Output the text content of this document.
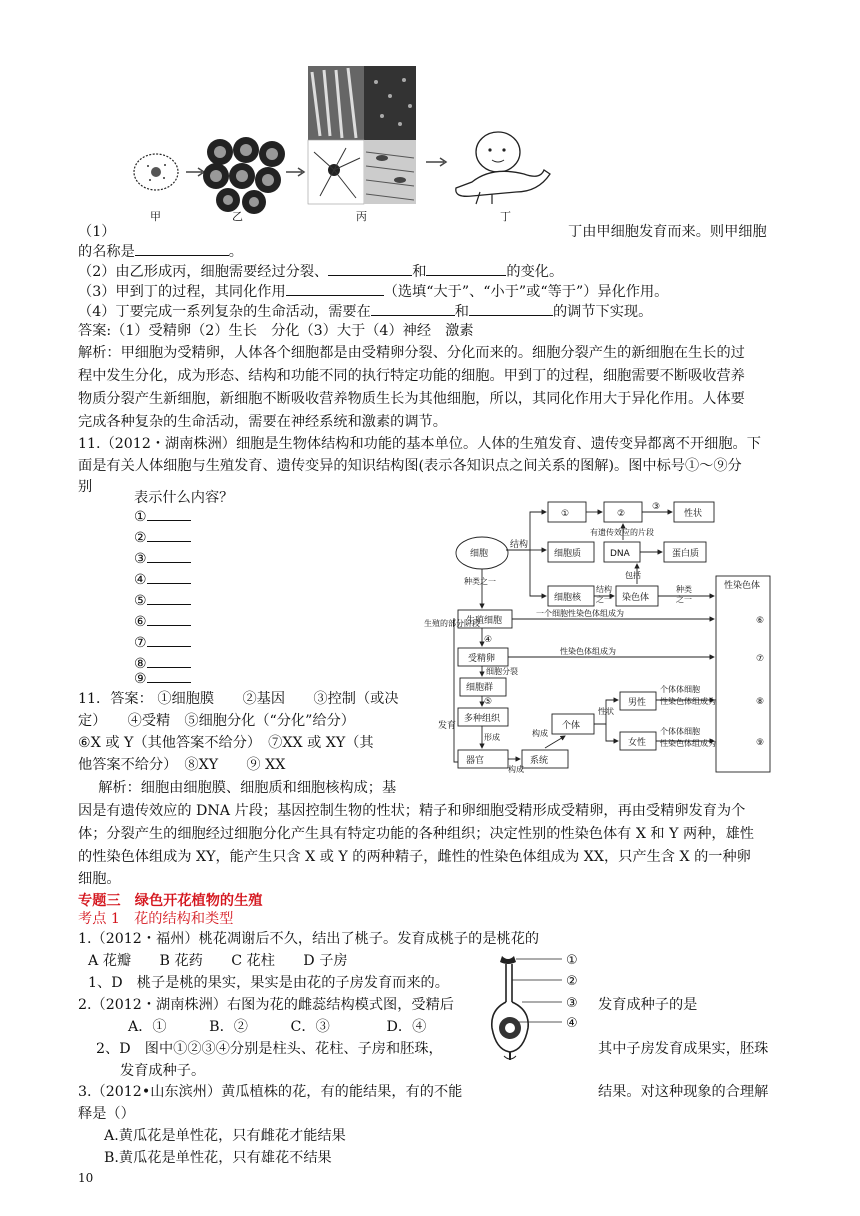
甲	乙	丙	丁
（1）	丁由甲细胞发育而来。则甲细胞
的名称是	。
（2）由乙形成丙，细胞需要经过分裂、	和	的变化。
（3）甲到丁的过程，其同化作用	（选填“大于”、“小于”或“等于”）异化作用。
（4）丁要完成一系列复杂的生命活动，需要在	和	的调节下实现。
答案:（1）受精卵（2）生长　分化（3）大于（4）神经　激素
解析：甲细胞为受精卵，人体各个细胞都是由受精卵分裂、分化而来的。细胞分裂产生的新细胞在生长的过
程中发生分化，成为形态、结构和功能不同的执行特定功能的细胞。甲到丁的过程，细胞需要不断吸收营养
物质分裂产生新细胞，新细胞不断吸收营养物质生长为其他细胞，所以，其同化作用大于异化作用。人体要
完成各种复杂的生命活动，需要在神经系统和激素的调节。
11.（2012・湖南株洲）细胞是生物体结构和功能的基本单位。人体的生殖发育、遗传变异都离不开细胞。下
面是有关人体细胞与生殖发育、遗传变异的知识结构图(表示各知识点之间关系的图解)。图中标号①～⑨分
别
表示什么内容？
①
②
③
④
⑤
⑥
⑦
⑧
⑨
11．答案： ①细胞膜　　②基因　　③控制（或决
定）　　④受精　⑤细胞分化（“分化”给分）
⑥X 或 Y（其他答案不给分）　⑦XX 或 XY（其
他答案不给分）　⑧XY　　⑨ XX
　解析：细胞由细胞膜、细胞质和细胞核构成；基
因是有遗传效应的 DNA 片段；基因控制生物的性状；精子和卵细胞受精形成受精卵，再由受精卵发育为个
体；分裂产生的细胞经过细胞分化产生具有特定功能的各种组织；决定性别的性染色体有 X 和 Y 两种，雄性
的性染色体组成为 XY，能产生只含 X 或 Y 的两种精子，雌性的性染色体组成为 XX，只产生含 X 的一种卵
细胞。
细胞
结构
①	②
③
性状
有遗传效应的片段
细胞质	DNA	蛋白质
包括
细胞核
结构
之一 染色体
种类
之一
性染色体
种类之一
生殖细胞
生殖的部分阶段
④
一个细胞性染色体组成为
⑥
受精卵	⑦
性染色体组成为
细胞分裂
细胞群
⑤
发育
多种组织
个体
性状
男性
女性
个体体细胞
性染色体组成为	⑧
形成	构成
器官
构成
系统
个体体细胞
性染色体组成为	⑨
专题三　绿色开花植物的生殖
考点 1　花的结构和类型
1.（2012・福州）桃花凋谢后不久，结出了桃子。发育成桃子的是桃花的
A 花瓣　　B 花药　　C 花柱　　D 子房
1、D　桃子是桃的果实，果实是由花的子房发育而来的。
2.（2012・湖南株洲）右图为花的雌蕊结构模式图，受精后	发育成种子的是
A．①　　　B．②　　　C．③　　　　D．④
2、D　图中①②③④分别是柱头、花柱、子房和胚珠，	其中子房发育成果实，胚珠
发育成种子。
①
②
③
④
3.（2012•山东滨州）黄瓜植株的花，有的能结果，有的不能	结果。对这种现象的合理解
释是（）
A.黄瓜花是单性花，只有雌花才能结果
B.黄瓜花是单性花，只有雄花不结果
10
